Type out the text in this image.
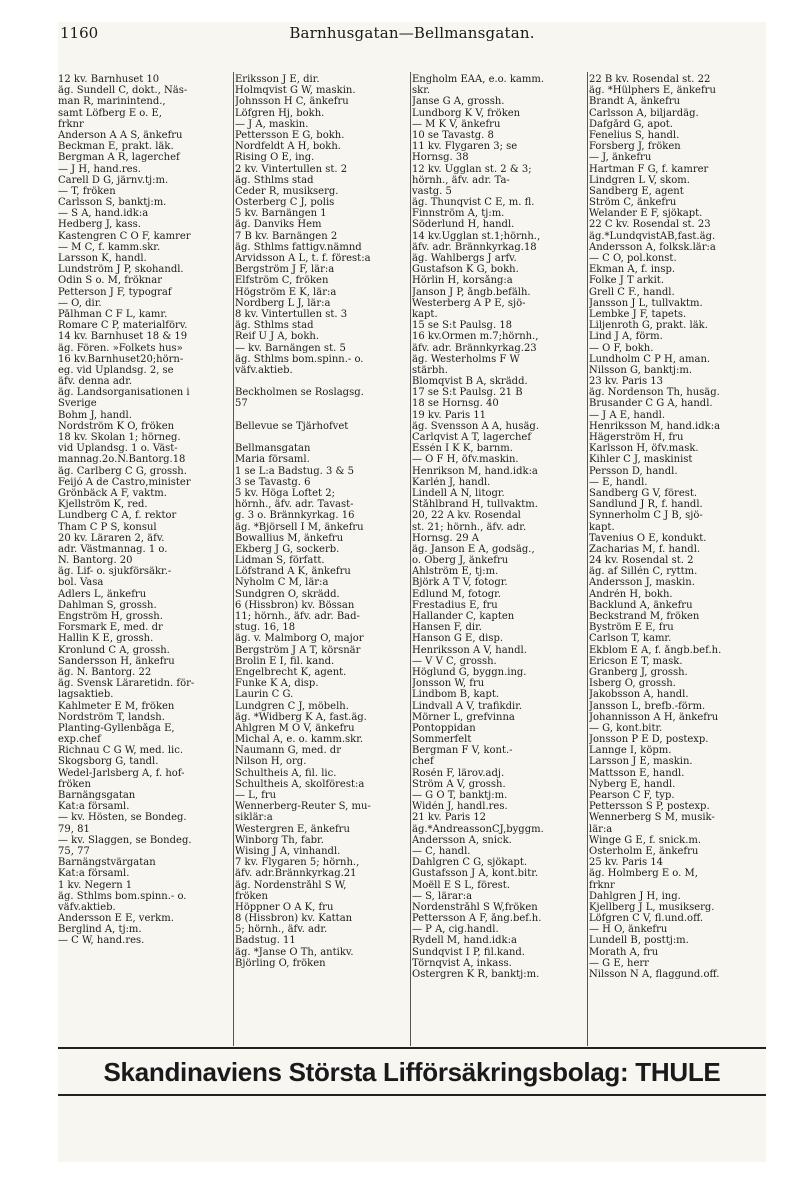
1160	Barnhusgatan—Bellmansgatan.
12 kv. Barnhuset 10
äg. Sundell C, dokt., Näs-
man R, marinintend.,
samt Löfberg E o. E,
frknr
Anderson A A S, änkefru
Beckman E, prakt. läk.
Bergman A R, lagerchef
— J H, hand.res.
Carell D G, järnv.tj:m.
— T, fröken
Carlsson S, banktj:m.
— S A, hand.idk:a
Hedberg J, kass.
Kastengren C O F, kamrer
— M C, f. kamm.skr.
Larsson K, handl.
Lundström J P, skohandl.
Odin S o. M, fröknar
Petterson J F, typograf
— O, dir.
Pålhman C F L, kamr.
Romare C P, materialförv.
14 kv. Barnhuset 18 & 19
äg. Fören. »Folkets hus»
16 kv.Barnhuset20;hörn-
eg. vid Uplandsg. 2, se
äfv. denna adr.
äg. Landsorganisationen i
Sverige
Bohm J, handl.
Nordström K O, fröken
18 kv. Skolan 1; hörneg.
vid Uplandsg. 1 o. Väst-
mannag.2o.N.Bantorg.18
äg. Carlberg C G, grossh.
Feijó A de Castro,minister
Grönbäck A F, vaktm.
Kjellström K, red.
Lundberg C A, f. rektor
Tham C P S, konsul
20 kv. Läraren 2, äfv.
adr. Västmannag. 1 o.
N. Bantorg. 20
äg. Lif- o. sjukförsäkr.-
bol. Vasa
Adlers L, änkefru
Dahlman S, grossh.
Engström H, grossh.
Forsmark E, med. dr
Hallin K E, grossh.
Kronlund C A, grossh.
Sandersson H, änkefru
äg. N. Bantorg. 22
äg. Svensk Läraretidn. för-
lagsaktieb.
Kahlmeter E M, fröken
Nordström T, landsh.
Planting-Gyllenbåga E,
exp.chef
Richnau C G W, med. lic.
Skogsborg G, tandl.
Wedel-Jarlsberg A, f. hof-
fröken
Barnängsgatan
Kat:a församl.
— kv. Hösten, se Bondeg.
79, 81
— kv. Slaggen, se Bondeg.
75, 77
Barnängstvärgatan
Kat:a församl.
1 kv. Negern 1
äg. Sthlms bom.spinn.- o.
väfv.aktieb.
Andersson E E, verkm.
Berglind A, tj:m.
— C W, hand.res.
Eriksson J E, dir.
Holmqvist G W, maskin.
Johnsson H C, änkefru
Löfgren Hj, bokh.
— J A, maskin.
Pettersson E G, bokh.
Nordfeldt A H, bokh.
Rising O E, ing.
2 kv. Vintertullen st. 2
äg. Sthlms stad
Ceder R, musikserg.
Österberg C J, polis
5 kv. Barnängen 1
äg. Danviks Hem
7 B kv. Barnängen 2
äg. Sthlms fattigv.nämnd
Arvidsson A L, t. f. förest:a
Bergström J F, lär:a
Elfström C, fröken
Högström E K, lär:a
Nordberg L J, lär:a
8 kv. Vintertullen st. 3
äg. Sthlms stad
Reif U J A, bokh.
— kv. Barnängen st. 5
äg. Sthlms bom.spinn.- o.
väfv.aktieb.
Beckholmen se Roslagsg.
57
Bellevue se Tjärhofvet
Bellmansgatan
Maria församl.
1 se L:a Badstug. 3 & 5
3 se Tavastg. 6
5 kv. Höga Loftet 2;
hörnh., äfv. adr. Tavast-
g. 3 o. Brännkyrkag. 16
äg. *Björsell I M, änkefru
Bowallius M, änkefru
Ekberg J G, sockerb.
Lidman S, författ.
Löfstrand A K, änkefru
Nyholm C M, lär:a
Sundgren O, skrädd.
6 (Hissbron) kv. Bössan
11; hörnh., äfv. adr. Bad-
stug. 16, 18
äg. v. Malmborg O, major
Bergström J A T, körsnär
Brolin E I, fil. kand.
Engelbrecht K, agent.
Funke K A, disp.
Laurin C G.
Lundgren C J, möbelh.
äg. *Widberg K A, fast.äg.
Ahlgren M O V, änkefru
Michal A, e. o. kamm.skr.
Naumann G, med. dr
Nilson H, org.
Schultheis A, fil. lic.
Schultheis A, skolförest:a
— L, fru
Wennerberg-Reuter S, mu-
siklär:a
Westergren E, änkefru
Winborg Th, fabr.
Wising J A, vinhandl.
7 kv. Flygaren 5; hörnh.,
äfv. adr.Brännkyrkag.21
äg. Nordenstråhl S W,
fröken
Höppner O A K, fru
8 (Hissbron) kv. Kattan
5; hörnh., äfv. adr.
Badstug. 11
äg. *Janse O Th, antikv.
Björling O, fröken
Engholm EAA, e.o. kamm.
skr.
Janse G A, grossh.
Lundborg K V, fröken
— M K V, änkefru
10 se Tavastg. 8
11 kv. Flygaren 3; se
Hornsg. 38
12 kv. Ugglan st. 2 & 3;
hörnh., äfv. adr. Ta-
vastg. 5
äg. Thunqvist C E, m. fl.
Finnström A, tj:m.
Söderlund H, handl.
14 kv.Ugglan st.1;hörnh.,
äfv. adr. Brännkyrkag.18
äg. Wahlbergs J arfv.
Gustafson K G, bokh.
Hörlin H, korsång:a
Janson J P, ångb.befälh.
Westerberg A P E, sjö-
kapt.
15 se S:t Paulsg. 18
16 kv.Ormen m.7;hörnh.,
äfv. adr. Brännkyrkag.23
äg. Westerholms F W
stärbh.
Blomqvist B A, skrädd.
17 se S:t Paulsg. 21 B
18 se Hornsg. 40
19 kv. Paris 11
äg. Svensson A A, husäg.
Carlqvist A T, lagerchef
Essén I K K, barnm.
— O F H, öfv.maskin.
Henrikson M, hand.idk:a
Karlén J, handl.
Lindell A N, litogr.
Ståhlbrand H, tullvaktm.
20, 22 A kv. Rosendal
st. 21; hörnh., äfv. adr.
Hornsg. 29 A
äg. Janson E A, godsäg.,
o. Öberg J, änkefru
Ahlström E, tj:m.
Björk A T V, fotogr.
Edlund M, fotogr.
Frestadius E, fru
Hallander C, kapten
Hansen F, dir.
Hanson G E, disp.
Henriksson A V, handl.
— V V C, grossh.
Höglund G, byggn.ing.
Jonsson W, fru
Lindbom B, kapt.
Lindvall A V, trafikdir.
Mörner L, grefvinna
Pontoppidan
Sommerfelt
Bergman F V, kont.-
chef
Rosén F, lärov.adj.
Ström A V, grossh.
— G O T, banktj:m.
Widén J, handl.res.
21 kv. Paris 12
äg.*AndreassonCJ,byggm.
Andersson A, snick.
— C, handl.
Dahlgren C G, sjökapt.
Gustafsson J A, kont.bitr.
Moëll E S L, förest.
— S, lärar:a
Nordenstråhl S W,fröken
Pettersson A F, ång.bef.h.
— P A, cig.handl.
Rydell M, hand.idk:a
Sundqvist I P, fil.kand.
Törnqvist A, inkass.
Östergren K R, banktj:m.
22 B kv. Rosendal st. 22
äg. *Hülphers E, änkefru
Brandt A, änkefru
Carlsson A, biljardäg.
Dafgård G, apot.
Fenelius S, handl.
Forsberg J, fröken
— J, änkefru
Hartman F G, f. kamrer
Lindgren L V, skom.
Sandberg E, agent
Ström C, änkefru
Welander E F, sjökapt.
22 C kv. Rosendal st. 23
äg.*LundqvistAB,fast.äg.
Andersson A, folksk.lär:a
— C O, pol.konst.
Ekman A, f. insp.
Folke J T arkit.
Grell C F., handl.
Jansson J L, tullvaktm.
Lembke J F, tapets.
Liljenroth G, prakt. läk.
Lind J A, förm.
— O F, bokh.
Lundholm C P H, aman.
Nilsson G, banktj:m.
23 kv. Paris 13
äg. Nordenson Th, husäg.
Brusander C G A, handl.
— J A E, handl.
Henriksson M, hand.idk:a
Hägerström H, fru
Karlsson H, öfv.mask.
Kihler C J, maskinist
Persson D, handl.
— E, handl.
Sandberg G V, förest.
Sandlund J R, f. handl.
Synnerholm C J B, sjö-
kapt.
Tavenius O E, kondukt.
Zacharias M, f. handl.
24 kv. Rosendal st. 2
äg. af Sillén C, ryttm.
Andersson J, maskin.
Andrén H, bokh.
Backlund A, änkefru
Beckstrand M, fröken
Byström E E, fru
Carlson T, kamr.
Ekblom E A, f. ångb.bef.h.
Ericson E T, mask.
Granberg J, grossh.
Isberg O, grossh.
Jakobsson A, handl.
Jansson L, brefb.-förm.
Johannisson A H, änkefru
— G, kont.bitr.
Jonsson P E D, postexp.
Lannge I, köpm.
Larsson J E, maskin.
Mattsson E, handl.
Nyberg E, handl.
Pearson C F, typ.
Pettersson S P, postexp.
Wennerberg S M, musik-
lär:a
Winge G E, f. snick.m.
Österholm E, änkefru
25 kv. Paris 14
äg. Holmberg E o. M,
frknr
Dahlgren J H, ing.
Kjellberg J L, musikserg.
Löfgren C V, fl.und.off.
— H O, änkefru
Lundell B, posttj:m.
Morath A, fru
— G E, herr
Nilsson N A, flaggund.off.
Skandinaviens Största Lifförsäkringsbolag: THULE
